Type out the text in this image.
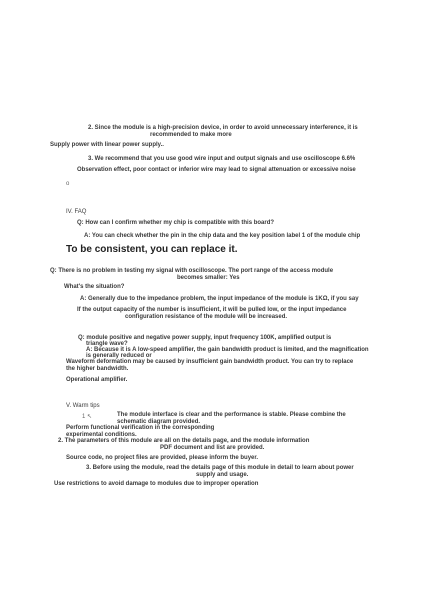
2. Since the module is a high-precision device, in order to avoid unnecessary interference, it is
recommended to make more
Supply power with linear power supply..
3. We recommend that you use good wire input and output signals and use oscilloscope 6.6%
Observation effect, poor contact or inferior wire may lead to signal attenuation or excessive noise
o
IV. FAQ
Q: How can I confirm whether my chip is compatible with this board?
A: You can check whether the pin in the chip data and the key position label 1 of the module chip
To be consistent, you can replace it.
Q: There is no problem in testing my signal with oscilloscope. The port range of the access module
becomes smaller: Yes
What's the situation?
A: Generally due to the impedance problem, the input impedance of the module is 1KΩ, if you say
If the output capacity of the number is insufficient, it will be pulled low, or the input impedance
configuration resistance of the module will be increased.
Q: module positive and negative power supply, input frequency 100K, amplified output is
triangle wave?
A: Because it is A low-speed amplifier, the gain bandwidth product is limited, and the magnification
is generally reduced or
Waveform deformation may be caused by insufficient gain bandwidth product. You can try to replace
the higher bandwidth.
Operational amplifier.
V. Warm tips
1 ↖	The module interface is clear and the performance is stable. Please combine the
schematic diagram provided.
Perform functional verification in the corresponding
experimental conditions.
2. The parameters of this module are all on the details page, and the module information
PDF document and list are provided.
Source code, no project files are provided, please inform the buyer.
3. Before using the module, read the details page of this module in detail to learn about power
supply and usage.
Use restrictions to avoid damage to modules due to improper operation
